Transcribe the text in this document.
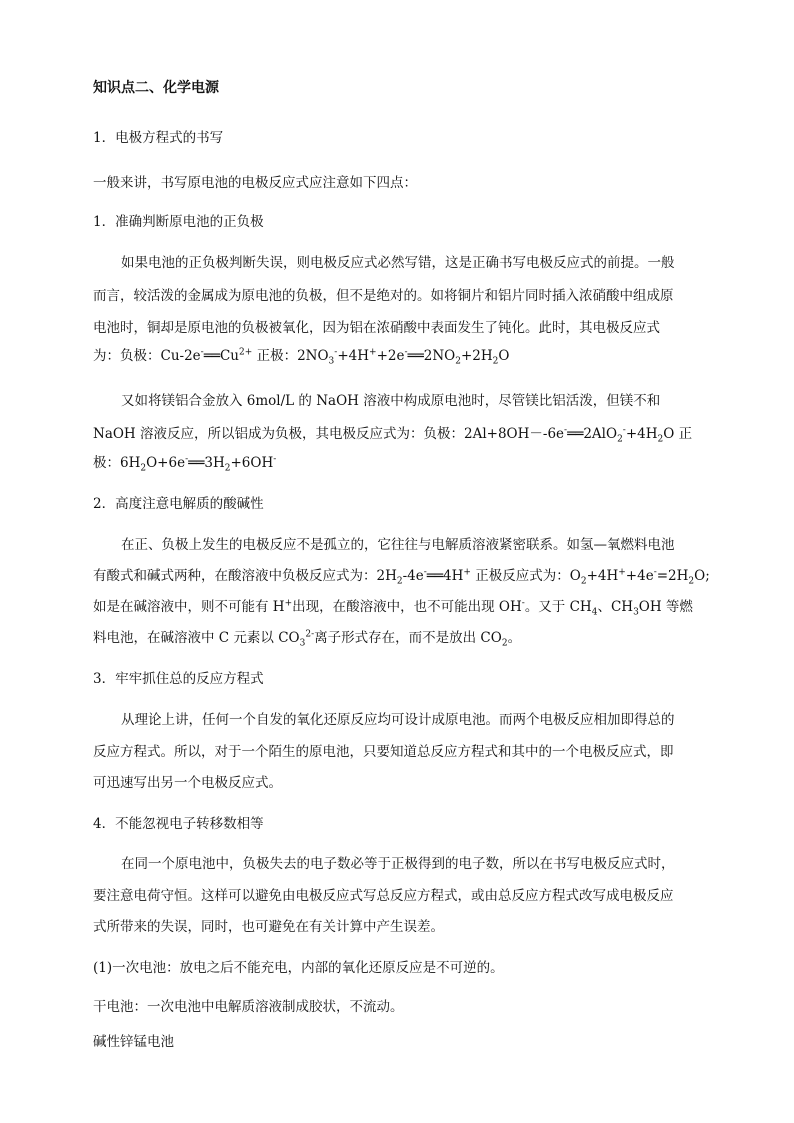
知识点二、化学电源
1．电极方程式的书写
一般来讲，书写原电池的电极反应式应注意如下四点：
1．准确判断原电池的正负极
如果电池的正负极判断失误，则电极反应式必然写错，这是正确书写电极反应式的前提。一般
而言，较活泼的金属成为原电池的负极，但不是绝对的。如将铜片和铝片同时插入浓硝酸中组成原
电池时，铜却是原电池的负极被氧化，因为铝在浓硝酸中表面发生了钝化。此时，其电极反应式
为：负极：$Cu-2e^-══Cu^{2+}$ 正极：$2NO_3^-+4H^++2e^-══2NO_2+2H_2O$
又如将镁铝合金放入 6mol/L 的 NaOH 溶液中构成原电池时，尽管镁比铝活泼，但镁不和
NaOH 溶液反应，所以铝成为负极，其电极反应式为：负极：$2Al+8OH--6e^-══2AlO_2^-+4H_2O$ 正
极：$6H_2O+6e^-══3H_2+6OH^-$
2．高度注意电解质的酸碱性
在正、负极上发生的电极反应不是孤立的，它往往与电解质溶液紧密联系。如氢—氧燃料电池
有酸式和碱式两种，在酸溶液中负极反应式为：$2H_2-4e^-══4H^+$ 正极反应式为：$O_2+4H^++4e^-=2H_2O$;
如是在碱溶液中，则不可能有 H+出现，在酸溶液中，也不可能出现 OH-。又于 $CH_4$、$CH_3OH$ 等燃
料电池，在碱溶液中 C 元素以 $CO_3^{2-}$离子形式存在，而不是放出 $CO_2$。
3．牢牢抓住总的反应方程式
从理论上讲，任何一个自发的氧化还原反应均可设计成原电池。而两个电极反应相加即得总的
反应方程式。所以，对于一个陌生的原电池，只要知道总反应方程式和其中的一个电极反应式，即
可迅速写出另一个电极反应式。
4．不能忽视电子转移数相等
在同一个原电池中，负极失去的电子数必等于正极得到的电子数，所以在书写电极反应式时，
要注意电荷守恒。这样可以避免由电极反应式写总反应方程式，或由总反应方程式改写成电极反应
式所带来的失误，同时，也可避免在有关计算中产生误差。
(1)一次电池：放电之后不能充电，内部的氧化还原反应是不可逆的。
干电池：一次电池中电解质溶液制成胶状，不流动。
碱性锌锰电池
